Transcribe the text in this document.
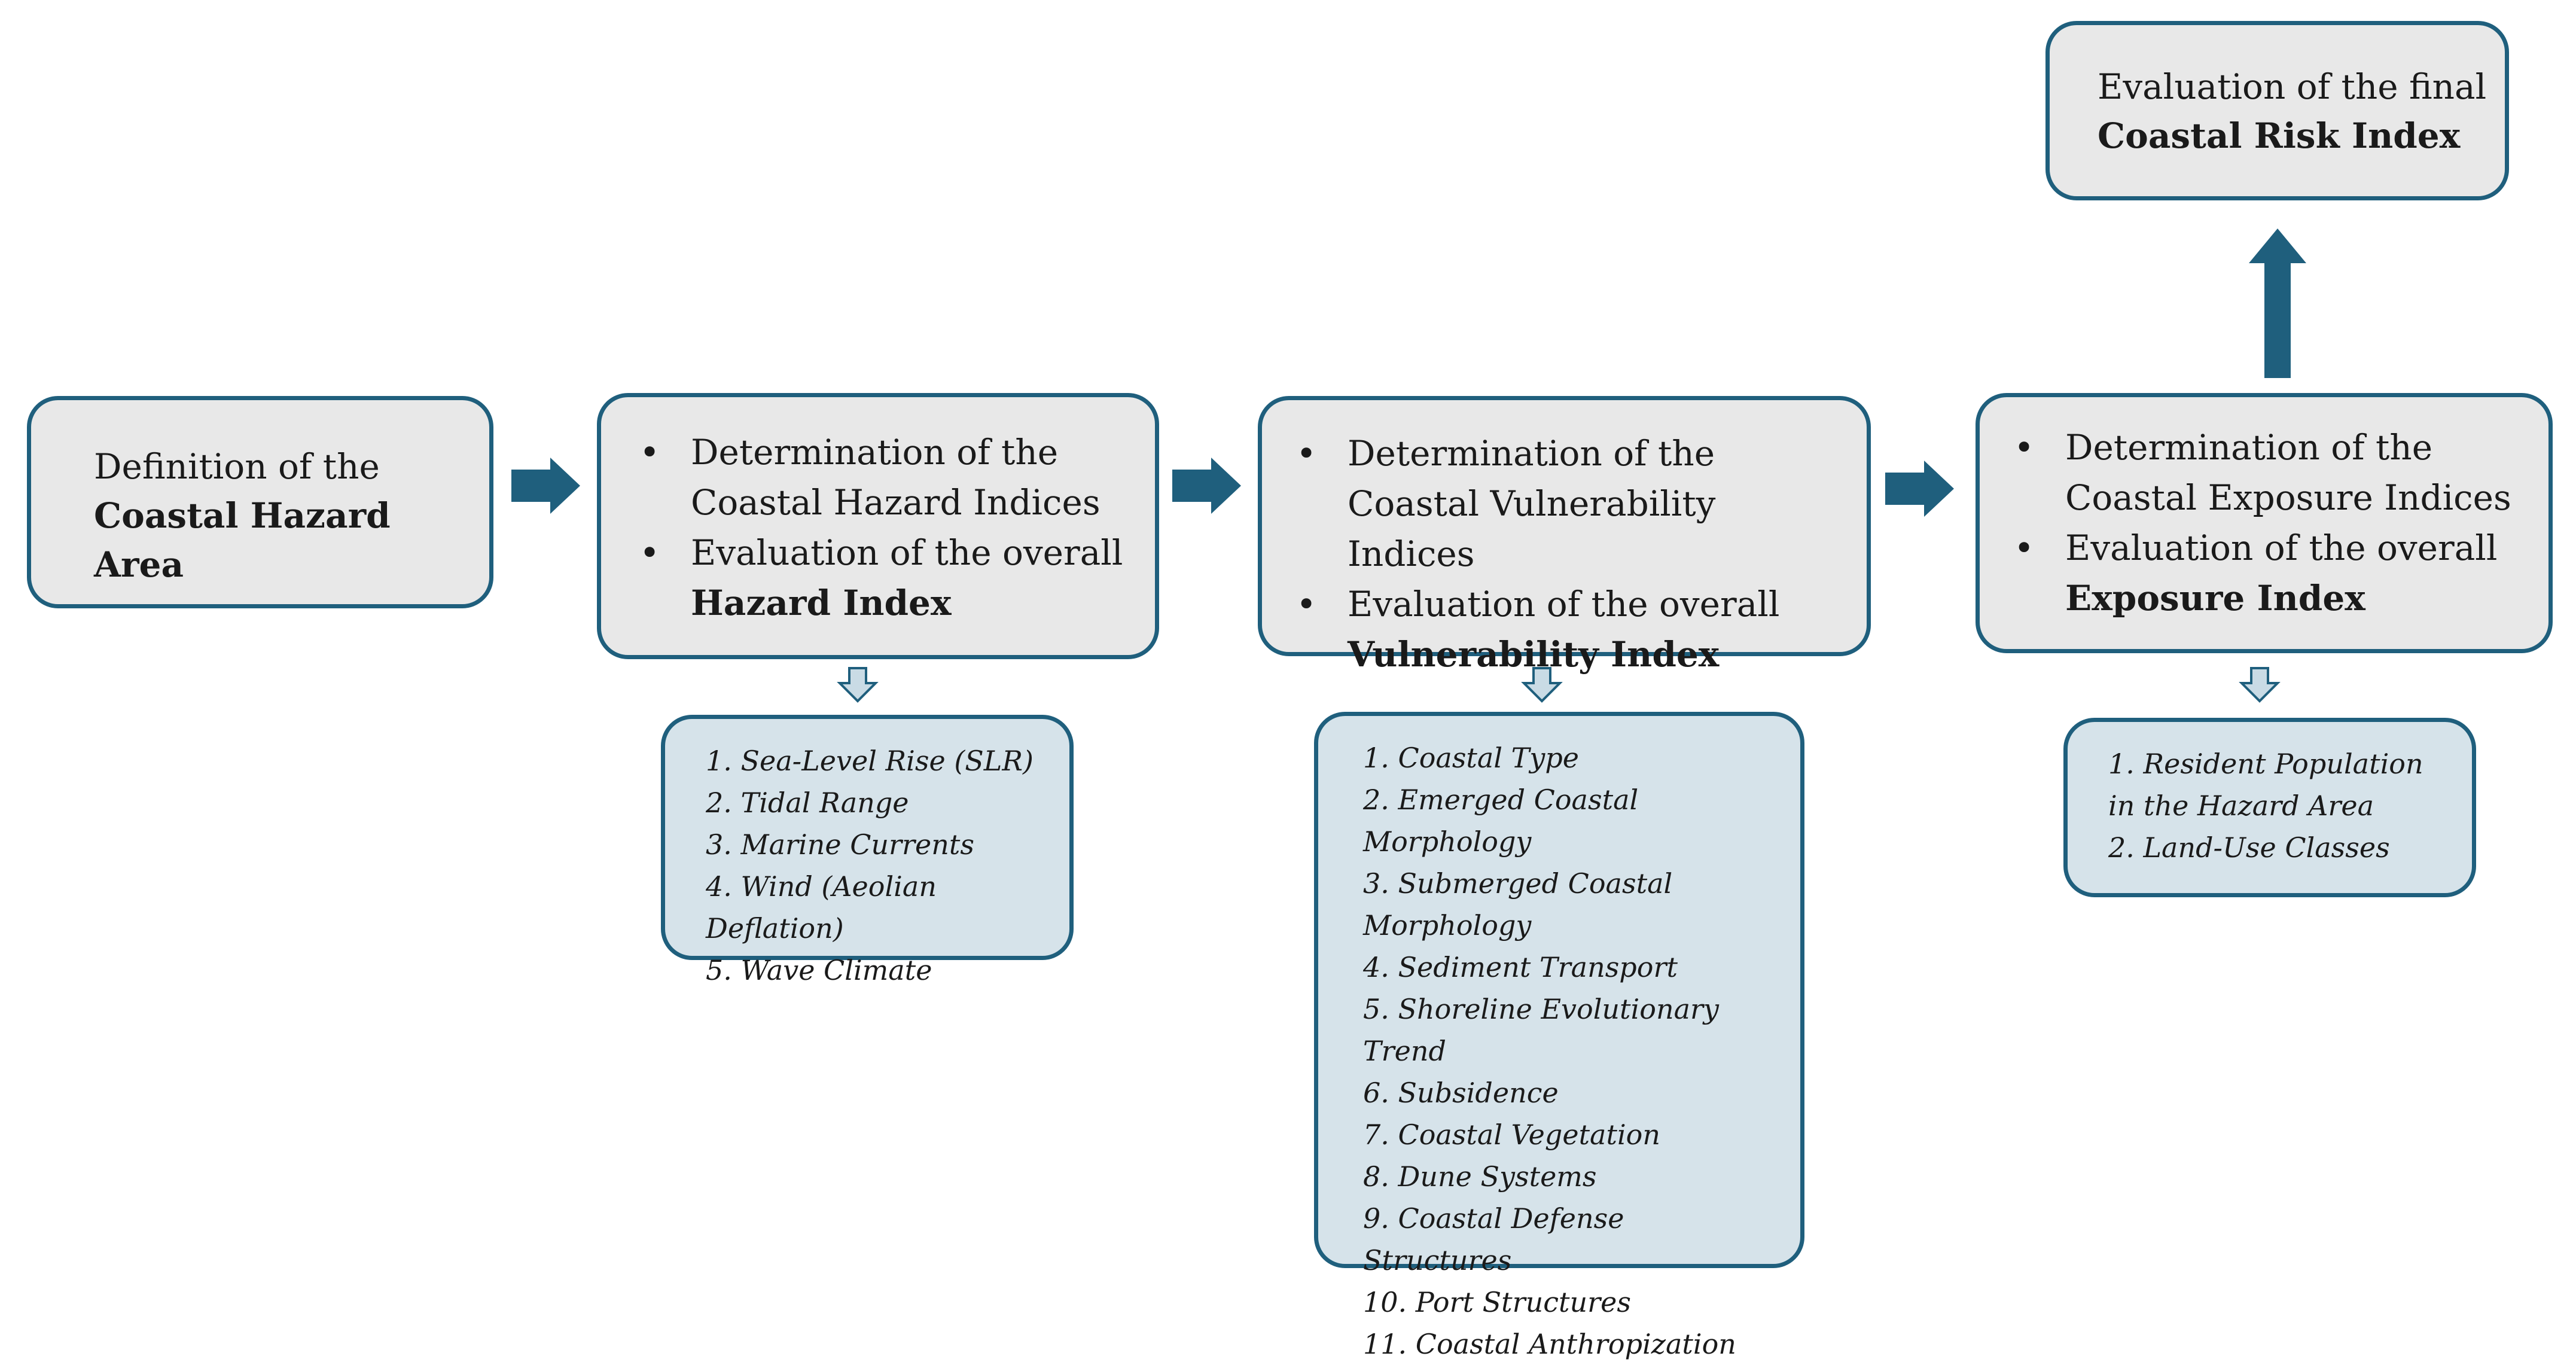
Definition of the
Coastal Hazard Area
• Determination of the Coastal Hazard Indices
• Evaluation of the overall
Hazard Index
• Determination of the Coastal Vulnerability Indices
• Evaluation of the overall
Vulnerability Index
• Determination of the Coastal Exposure Indices
• Evaluation of the overall
Exposure Index
Evaluation of the final
Coastal Risk Index
1. Sea-Level Rise (SLR)
2. Tidal Range
3. Marine Currents
4. Wind (Aeolian Deflation)
5. Wave Climate
1. Coastal Type
2. Emerged Coastal Morphology
3. Submerged Coastal Morphology
4. Sediment Transport
5. Shoreline Evolutionary Trend
6. Subsidence
7. Coastal Vegetation
8. Dune Systems
9. Coastal Defense Structures
10. Port Structures
11. Coastal Anthropization
1. Resident Population in the Hazard Area
2. Land-Use Classes
